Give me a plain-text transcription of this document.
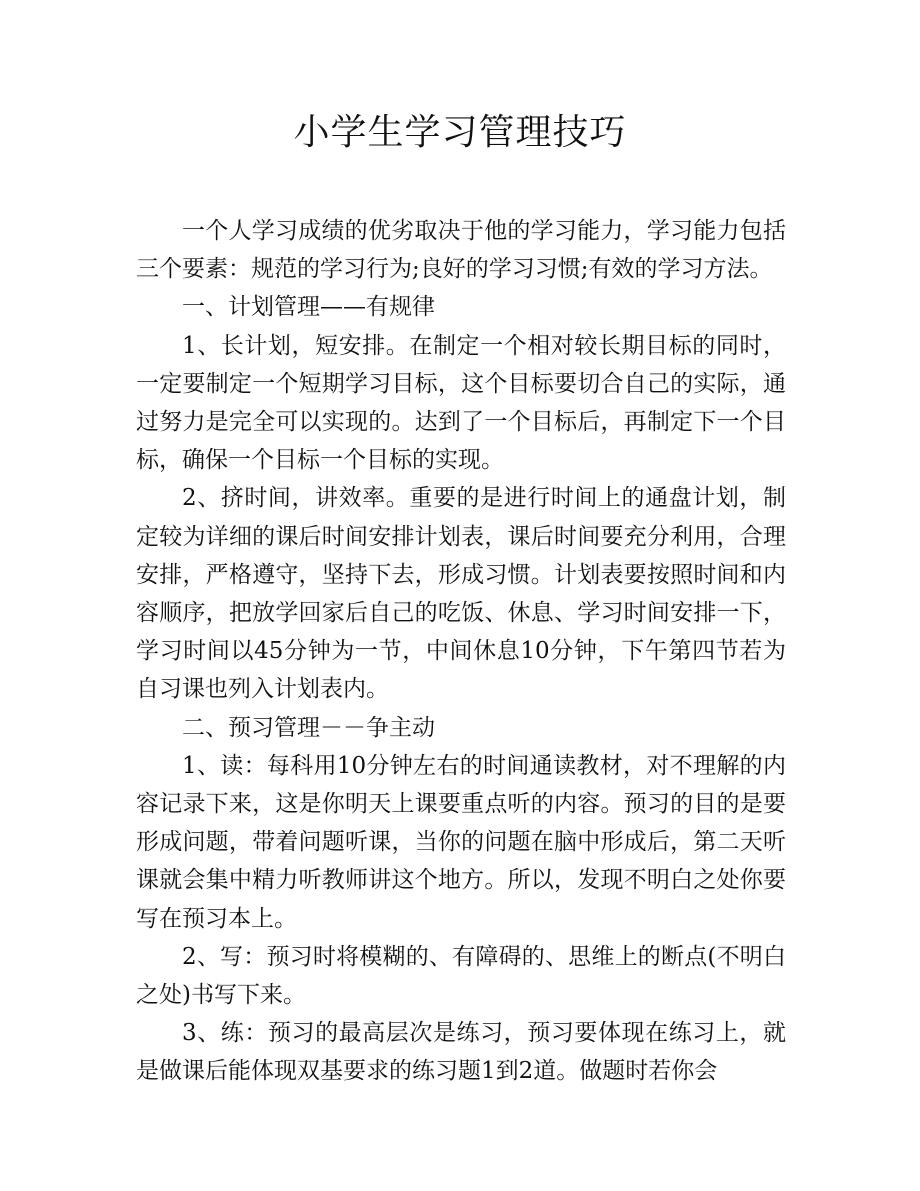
小学生学习管理技巧

一个人学习成绩的优劣取决于他的学习能力，学习能力包括三个要素：规范的学习行为;良好的学习习惯;有效的学习方法。

一、计划管理——有规律

1、长计划，短安排。在制定一个相对较长期目标的同时，一定要制定一个短期学习目标，这个目标要切合自己的实际，通过努力是完全可以实现的。达到了一个目标后，再制定下一个目标，确保一个目标一个目标的实现。

2、挤时间，讲效率。重要的是进行时间上的通盘计划，制定较为详细的课后时间安排计划表，课后时间要充分利用，合理安排，严格遵守，坚持下去，形成习惯。计划表要按照时间和内容顺序，把放学回家后自己的吃饭、休息、学习时间安排一下，学习时间以45分钟为一节，中间休息10分钟，下午第四节若为自习课也列入计划表内。

二、预习管理－－争主动

1、读：每科用10分钟左右的时间通读教材，对不理解的内容记录下来，这是你明天上课要重点听的内容。预习的目的是要形成问题，带着问题听课，当你的问题在脑中形成后，第二天听课就会集中精力听教师讲这个地方。所以，发现不明白之处你要写在预习本上。

2、写：预习时将模糊的、有障碍的、思维上的断点(不明白之处)书写下来。

3、练：预习的最高层次是练习，预习要体现在练习上，就是做课后能体现双基要求的练习题1到2道。做题时若你会
